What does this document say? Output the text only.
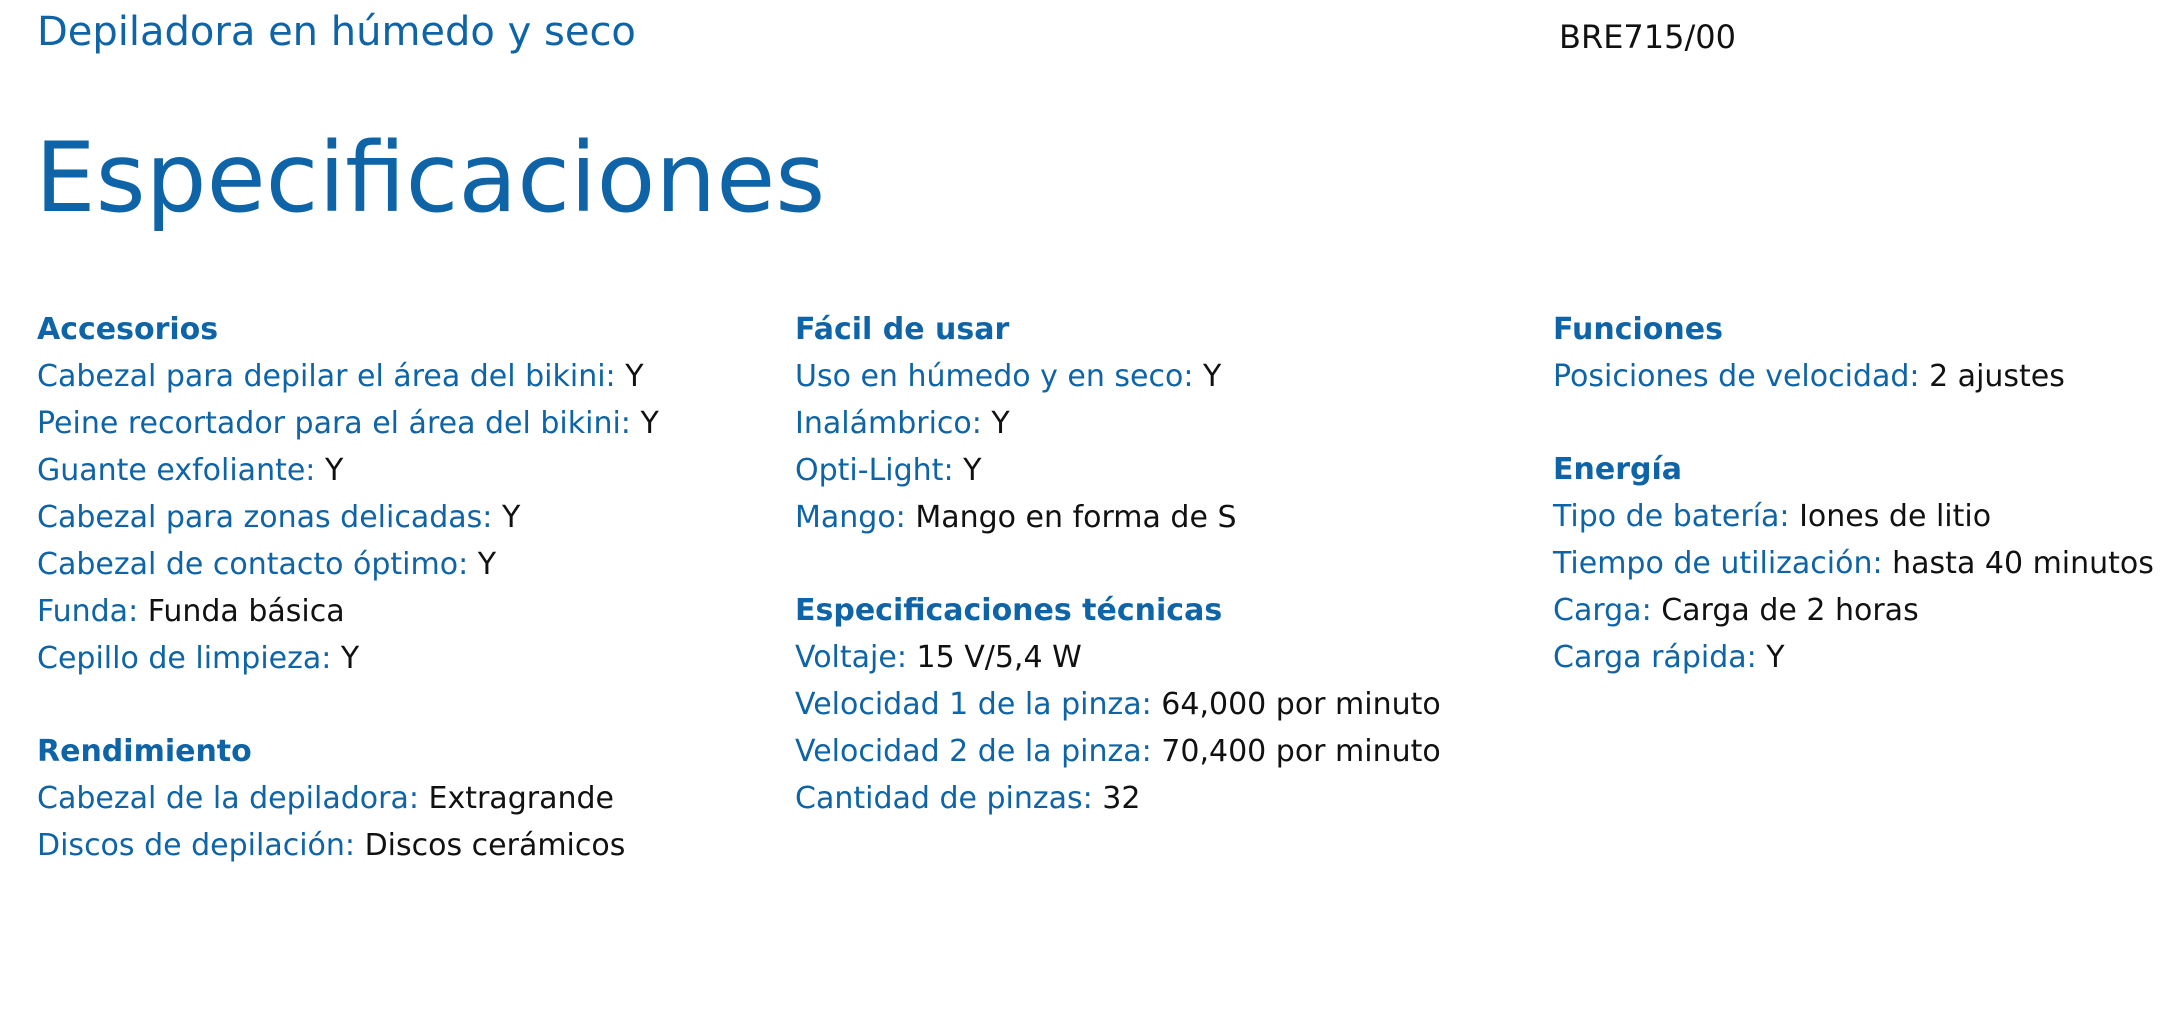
Depiladora en húmedo y seco	BRE715/00
Especificaciones
Accesorios
Cabezal para depilar el área del bikini: Y
Peine recortador para el área del bikini: Y
Guante exfoliante: Y
Cabezal para zonas delicadas: Y
Cabezal de contacto óptimo: Y
Funda: Funda básica
Cepillo de limpieza: Y
Rendimiento
Cabezal de la depiladora: Extragrande
Discos de depilación: Discos cerámicos
Fácil de usar
Uso en húmedo y en seco: Y
Inalámbrico: Y
Opti-Light: Y
Mango: Mango en forma de S
Especificaciones técnicas
Voltaje: 15 V/5,4 W
Velocidad 1 de la pinza: 64,000 por minuto
Velocidad 2 de la pinza: 70,400 por minuto
Cantidad de pinzas: 32
Funciones
Posiciones de velocidad: 2 ajustes
Energía
Tipo de batería: Iones de litio
Tiempo de utilización: hasta 40 minutos
Carga: Carga de 2 horas
Carga rápida: Y
